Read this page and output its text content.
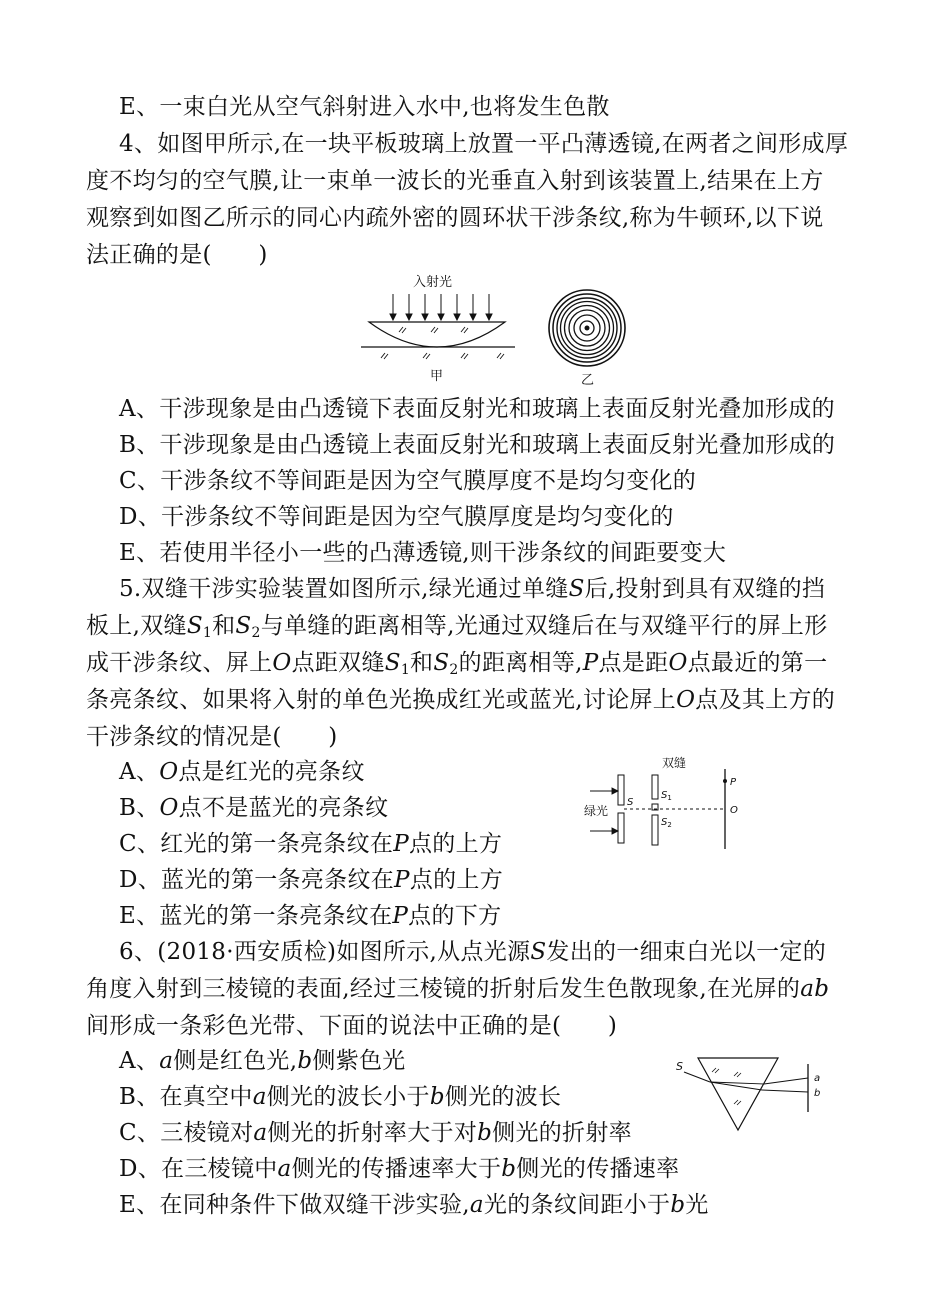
E、一束白光从空气斜射进入水中,也将发生色散
4、如图甲所示,在一块平板玻璃上放置一平凸薄透镜,在两者之间形成厚
度不均匀的空气膜,让一束单一波长的光垂直入射到该装置上,结果在上方
观察到如图乙所示的同心内疏外密的圆环状干涉条纹,称为牛顿环,以下说
法正确的是(　　)
入射光
甲	乙
A、干涉现象是由凸透镜下表面反射光和玻璃上表面反射光叠加形成的
B、干涉现象是由凸透镜上表面反射光和玻璃上表面反射光叠加形成的
C、干涉条纹不等间距是因为空气膜厚度不是均匀变化的
D、干涉条纹不等间距是因为空气膜厚度是均匀变化的
E、若使用半径小一些的凸薄透镜,则干涉条纹的间距要变大
5.双缝干涉实验装置如图所示,绿光通过单缝S后,投射到具有双缝的挡
板上,双缝$S_1$和$S_2$与单缝的距离相等,光通过双缝后在与双缝平行的屏上形
成干涉条纹、屏上O点距双缝$S_1$和$S_2$的距离相等,P点是距O点最近的第一
条亮条纹、如果将入射的单色光换成红光或蓝光,讨论屏上O点及其上方的
干涉条纹的情况是(　　)
A、O点是红光的亮条纹
B、O点不是蓝光的亮条纹
C、红光的第一条亮条纹在P点的上方
D、蓝光的第一条亮条纹在P点的上方
E、蓝光的第一条亮条纹在P点的下方
双缝
绿光
S
$S_1$
$S_2$
P
O
6、(2018·西安质检)如图所示,从点光源S发出的一细束白光以一定的
角度入射到三棱镜的表面,经过三棱镜的折射后发生色散现象,在光屏的ab
间形成一条彩色光带、下面的说法中正确的是(　　)
A、a侧是红色光,b侧紫色光
B、在真空中a侧光的波长小于b侧光的波长
C、三棱镜对a侧光的折射率大于对b侧光的折射率
D、在三棱镜中a侧光的传播速率大于b侧光的传播速率
E、在同种条件下做双缝干涉实验,a光的条纹间距小于b光
S
a
b
